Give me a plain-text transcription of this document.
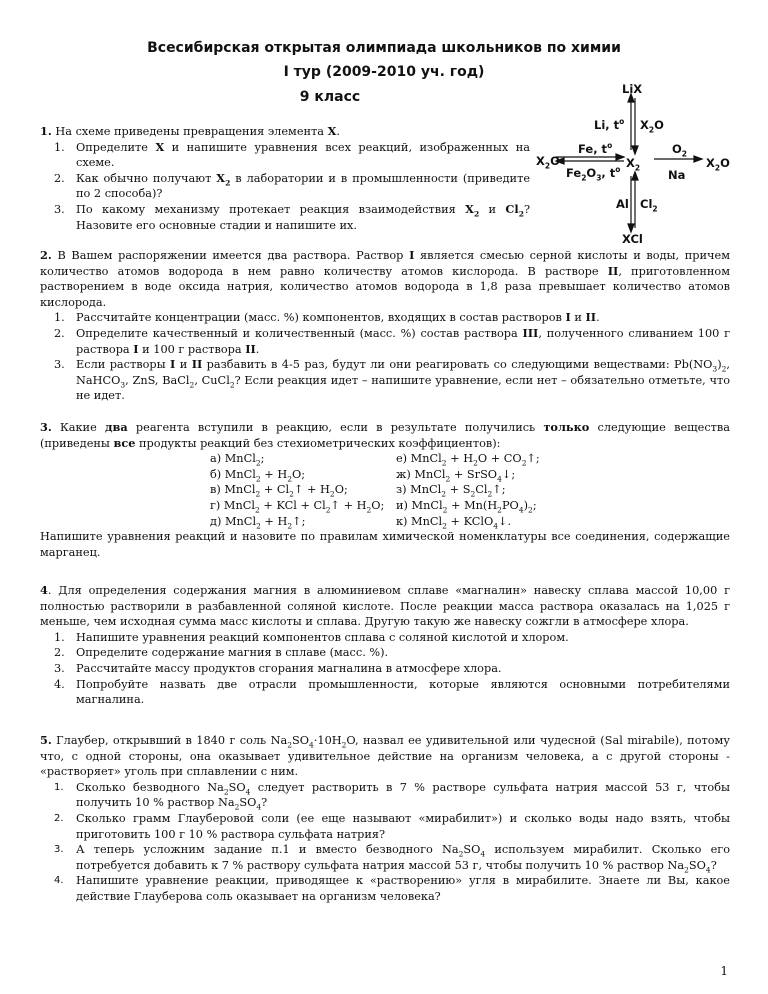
Всесибирская открытая олимпиада школьников по химии
I тур (2009-2010 уч. год)
9 класс	LiX
Li, $t^o$ $X_2O$
Fe, $t^o$	$O_2$
$X_2O$	$X_2$	$X_2O$
$Fe_2O_3$, $t^o$	Na
Al $Cl_2$
XCl
1. На схеме приведены превращения элемента X.
1. Определите X и напишите уравнения всех реакций, изображенных на схеме.
2. Как обычно получают $X_2$ в лаборатории и в промышленности (приведите по 2 способа)?
3. По какому механизму протекает реакция взаимодействия $X_2$ и $Cl_2$? Назовите его основные стадии и напишите их.
2. В Вашем распоряжении имеется два раствора. Раствор I является смесью серной кислоты и воды, причем количество атомов водорода в нем равно количеству атомов кислорода. В растворе II, приготовленном растворением в воде оксида натрия, количество атомов водорода в 1,8 раза превышает количество атомов кислорода.
1. Рассчитайте концентрации (масс. %) компонентов, входящих в состав растворов I и II.
2. Определите качественный и количественный (масс. %) состав раствора III, полученного сливанием 100 г раствора I и 100 г раствора II.
3. Если растворы I и II разбавить в 4-5 раз, будут ли они реагировать со следующими веществами: $Pb(NO_3)_2$, NaHCO$_3$, ZnS, BaCl$_2$, CuCl$_2$? Если реакция идет – напишите уравнение, если нет – обязательно отметьте, что не идет.
3. Какие два реагента вступили в реакцию, если в результате получились только следующие вещества (приведены все продукты реакций без стехиометрических коэффициентов):
а) MnCl$_2$;	е) MnCl$_2$ + $H_2O$ + $CO_2↑$;
б) MnCl$_2$ + $H_2O$;	ж) MnCl$_2$ + SrSO$_4$↓;
в) MnCl$_2$ + $Cl_2↑ + H_2O$;	з) MnCl$_2$ + $S_2Cl_2↑$;
г) MnCl$_2$ + KCl + $Cl_2↑ + H_2O$;	и) MnCl$_2$ + $Mn(H_2PO_4)_2$;
д) MnCl$_2$ + $H_2↑$;	к) MnCl$_2$ + KClO$_4$↓.
Напишите уравнения реакций и назовите по правилам химической номенклатуры все соединения, содержащие марганец.
4. Для определения содержания магния в алюминиевом сплаве «магналин» навеску сплава массой 10,00 г полностью растворили в разбавленной соляной кислоте. После реакции масса раствора оказалась на 1,025 г меньше, чем исходная сумма масс кислоты и сплава. Другую такую же навеску сожгли в атмосфере хлора.
1. Напишите уравнения реакций компонентов сплава с соляной кислотой и хлором.
2. Определите содержание магния в сплаве (масс. %).
3. Рассчитайте массу продуктов сгорания магналина в атмосфере хлора.
4. Попробуйте назвать две отрасли промышленности, которые являются основными потребителями магналина.
5. Глаубер, открывший в 1840 г соль $Na_2SO_4\cdot 10H_2O$, назвал ее удивительной или чудесной (Sal mirabile), потому что, с одной стороны, она оказывает удивительное действие на организм человека, а с другой стороны - «растворяет» уголь при сплавлении с ним.
1. Сколько безводного $Na_2SO_4$ следует растворить в 7 % растворе сульфата натрия массой 53 г, чтобы получить 10 % раствор $Na_2SO_4$?
2. Сколько грамм Глауберовой соли (ее еще называют «мирабилит») и сколько воды надо взять, чтобы приготовить 100 г 10 % раствора сульфата натрия?
3. А теперь усложним задание п.1 и вместо безводного $Na_2SO_4$ используем мирабилит. Сколько его потребуется добавить к 7 % раствору сульфата натрия массой 53 г, чтобы получить 10 % раствор $Na_2SO_4$?
4. Напишите уравнение реакции, приводящее к «растворению» угля в мирабилите. Знаете ли Вы, какое действие Глауберова соль оказывает на организм человека?
1
